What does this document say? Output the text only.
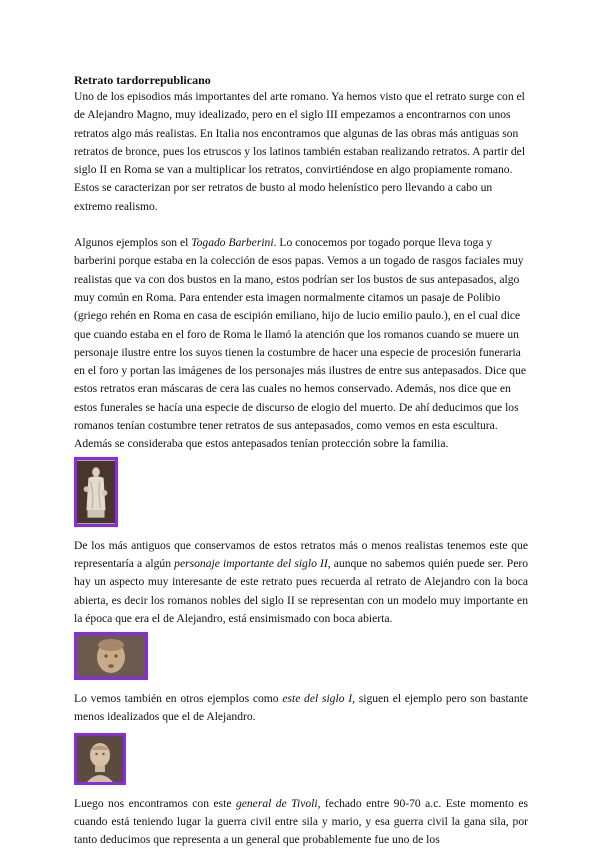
Retrato tardorrepublicano

Uno de los episodios más importantes del arte romano. Ya hemos visto que el retrato surge con el de Alejandro Magno, muy idealizado, pero en el siglo III empezamos a encontrarnos con unos retratos algo más realistas. En Italia nos encontramos que algunas de las obras más antiguas son retratos de bronce, pues los etruscos y los latinos también estaban realizando retratos. A partir del siglo II en Roma se van a multiplicar los retratos, convirtiéndose en algo propiamente romano. Estos se caracterizan por ser retratos de busto al modo helenístico pero llevando a cabo un extremo realismo.

Algunos ejemplos son el Togado Barberini. Lo conocemos por togado porque lleva toga y barberini porque estaba en la colección de esos papas. Vemos a un togado de rasgos faciales muy realistas que va con dos bustos en la mano, estos podrían ser los bustos de sus antepasados, algo muy común en Roma. Para entender esta imagen normalmente citamos un pasaje de Polibio (griego rehén en Roma en casa de escipión emiliano, hijo de lucio emilio paulo.), en el cual dice que cuando estaba en el foro de Roma le llamó la atención que los romanos cuando se muere un personaje ilustre entre los suyos tienen la costumbre de hacer una especie de procesión funeraria en el foro y portan las imágenes de los personajes más ilustres de entre sus antepasados. Dice que estos retratos eran máscaras de cera las cuales no hemos conservado. Además, nos dice que en estos funerales se hacía una especie de discurso de elogio del muerto. De ahí deducimos que los romanos tenían costumbre tener retratos de sus antepasados, como vemos en esta escultura. Además se consideraba que estos antepasados tenían protección sobre la familia.

De los más antiguos que conservamos de estos retratos más o menos realistas tenemos este que representaría a algún personaje importante del siglo II, aunque no sabemos quién puede ser. Pero hay un aspecto muy interesante de este retrato pues recuerda al retrato de Alejandro con la boca abierta, es decir los romanos nobles del siglo II se representan con un modelo muy importante en la época que era el de Alejandro, está ensimismado con boca abierta.

Lo vemos también en otros ejemplos como este del siglo I, siguen el ejemplo pero son bastante menos idealizados que el de Alejandro.

Luego nos encontramos con este general de Tivoli, fechado entre 90-70 a.c. Este momento es cuando está teniendo lugar la guerra civil entre sila y mario, y esa guerra civil la gana sila, por tanto deducimos que representa a un general que probablemente fue uno de los
